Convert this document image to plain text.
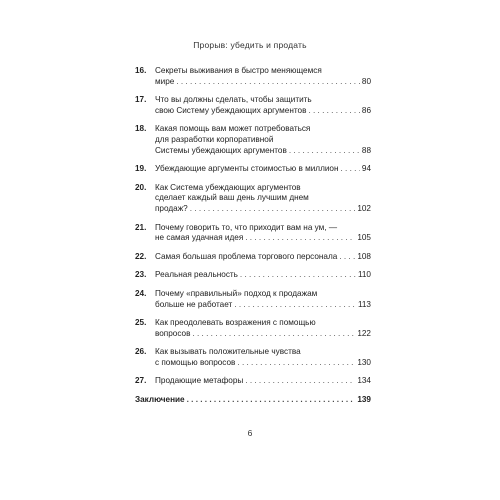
Прорыв: убедить и продать
16.	Секреты выживания в быстро меняющемся
мире . . .	80
17.	Что вы должны сделать, чтобы защитить
свою Систему убеждающих аргументов . . .	86
18.	Какая помощь вам может потребоваться
для разработки корпоративной
Системы убеждающих аргументов . . .	88
19.	Убеждающие аргументы стоимостью в миллион . . .	94
20.	Как Система убеждающих аргументов
сделает каждый ваш день лучшим днем
продаж? . . .	102
21.	Почему говорить то, что приходит вам на ум, —
не самая удачная идея . . .	105
22.	Самая большая проблема торгового персонала . . . 108
23.	Реальная реальность . . .	110
24.	Почему «правильный» подход к продажам
больше не работает . . .	113
25.	Как преодолевать возражения с помощью
вопросов . . .	122
26.	Как вызывать положительные чувства
с помощью вопросов . . .	130
27.	Продающие метафоры . . .	134
Заключение . . .	139
6
